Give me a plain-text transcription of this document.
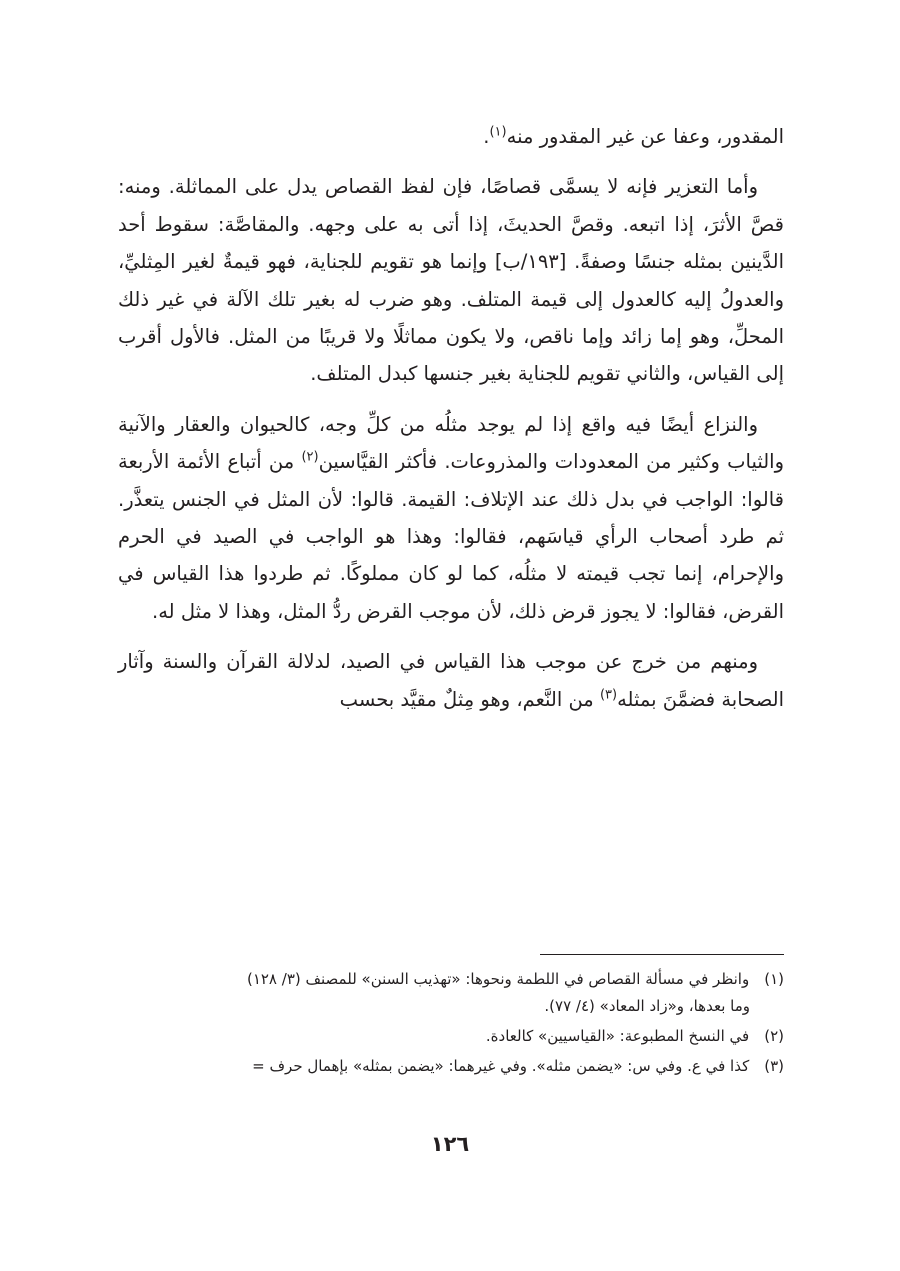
المقدور، وعفا عن غير المقدور منه$^{(١)}$.

وأما التعزير فإنه لا يسمَّى قصاصًا، فإن لفظ القصاص يدل على المماثلة. ومنه: قصَّ الأثرَ، إذا اتبعه. وقصَّ الحديثَ، إذا أتى به على وجهه. والمقاصَّة: سقوط أحد الدَّينين بمثله جنسًا وصفةً. [١٩٣/ب] وإنما هو تقويم للجناية، فهو قيمةٌ لغير المِثليِّ، والعدولُ إليه كالعدول إلى قيمة المتلف. وهو ضرب له بغير تلك الآلة في غير ذلك المحلِّ، وهو إما زائد وإما ناقص، ولا يكون مماثلًا ولا قريبًا من المثل. فالأول أقرب إلى القياس، والثاني تقويم للجناية بغير جنسها كبدل المتلف.

والنزاع أيضًا فيه واقع إذا لم يوجد مثلُه من كلِّ وجه، كالحيوان والعقار والآنية والثياب وكثير من المعدودات والمذروعات. فأكثر القيَّاسين$^{(٢)}$ من أتباع الأئمة الأربعة قالوا: الواجب في بدل ذلك عند الإتلاف: القيمة. قالوا: لأن المثل في الجنس يتعذَّر. ثم طرد أصحاب الرأي قياسَهم، فقالوا: وهذا هو الواجب في الصيد في الحرم والإحرام، إنما تجب قيمته لا مثلُه، كما لو كان مملوكًا. ثم طردوا هذا القياس في القرض، فقالوا: لا يجوز قرض ذلك، لأن موجب القرض ردُّ المثل، وهذا لا مثل له.

ومنهم من خرج عن موجب هذا القياس في الصيد، لدلالة القرآن والسنة وآثار الصحابة فضمَّنَ بمثله$^{(٣)}$ من النَّعم، وهو مِثلٌ مقيَّد بحسب

(١) وانظر في مسألة القصاص في اللطمة ونحوها: «تهذيب السنن» للمصنف (٣/ ١٢٨)
وما بعدها، و«زاد المعاد» (٤/ ٧٧).
(٢) في النسخ المطبوعة: «القياسيين» كالعادة.
(٣) كذا في ع. وفي س: «يضمن مثله». وفي غيرهما: «يضمن بمثله» بإهمال حرف =
١٢٦
